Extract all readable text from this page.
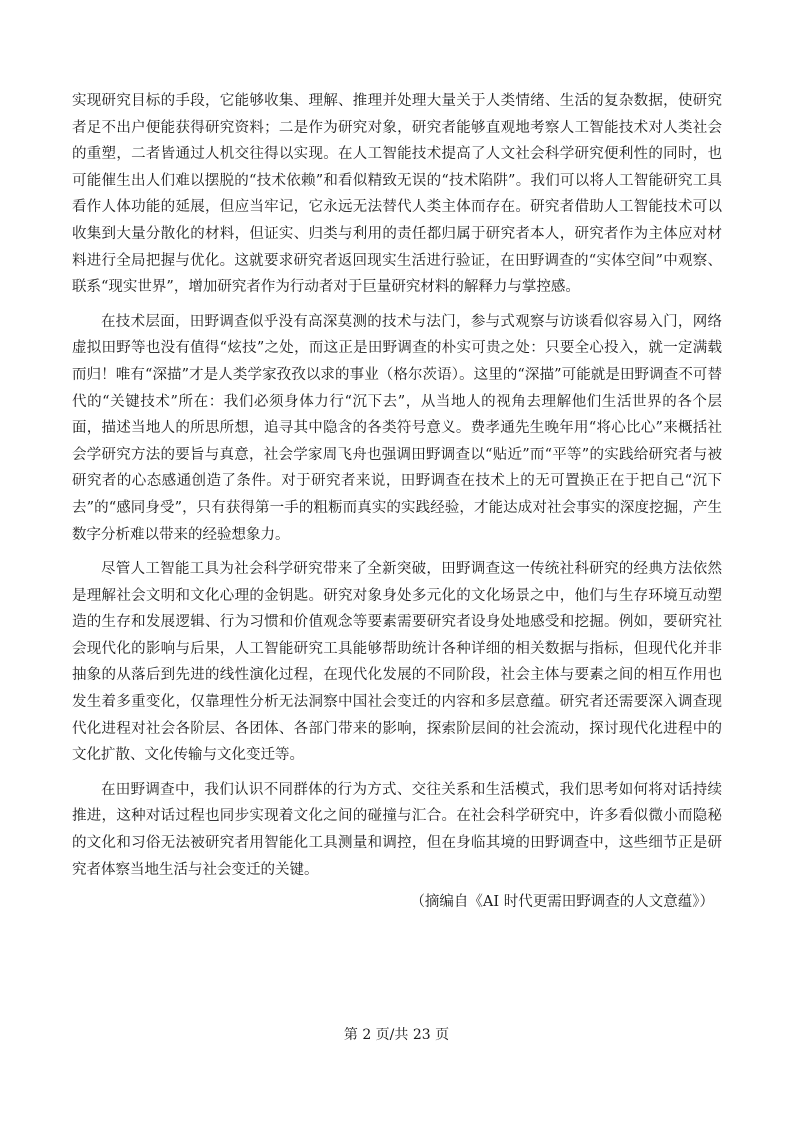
实现研究目标的手段，它能够收集、理解、推理并处理大量关于人类情绪、生活的复杂数据，使研究者足不出户便能获得研究资料；二是作为研究对象，研究者能够直观地考察人工智能技术对人类社会的重塑，二者皆通过人机交往得以实现。在人工智能技术提高了人文社会科学研究便利性的同时，也可能催生出人们难以摆脱的“技术依赖”和看似精致无误的“技术陷阱”。我们可以将人工智能研究工具看作人体功能的延展，但应当牢记，它永远无法替代人类主体而存在。研究者借助人工智能技术可以收集到大量分散化的材料，但证实、归类与利用的责任都归属于研究者本人，研究者作为主体应对材料进行全局把握与优化。这就要求研究者返回现实生活进行验证，在田野调查的“实体空间”中观察、联系“现实世界”，增加研究者作为行动者对于巨量研究材料的解释力与掌控感。

在技术层面，田野调查似乎没有高深莫测的技术与法门，参与式观察与访谈看似容易入门，网络虚拟田野等也没有值得“炫技”之处，而这正是田野调查的朴实可贵之处：只要全心投入，就一定满载而归！唯有“深描”才是人类学家孜孜以求的事业（格尔茨语）。这里的“深描”可能就是田野调查不可替代的“关键技术”所在：我们必须身体力行“沉下去”，从当地人的视角去理解他们生活世界的各个层面，描述当地人的所思所想，追寻其中隐含的各类符号意义。费孝通先生晚年用“将心比心”来概括社会学研究方法的要旨与真意，社会学家周飞舟也强调田野调查以“贴近”而“平等”的实践给研究者与被研究者的心态感通创造了条件。对于研究者来说，田野调查在技术上的无可置换正在于把自己“沉下去”的“感同身受”，只有获得第一手的粗粝而真实的实践经验，才能达成对社会事实的深度挖掘，产生数字分析难以带来的经验想象力。

尽管人工智能工具为社会科学研究带来了全新突破，田野调查这一传统社科研究的经典方法依然是理解社会文明和文化心理的金钥匙。研究对象身处多元化的文化场景之中，他们与生存环境互动塑造的生存和发展逻辑、行为习惯和价值观念等要素需要研究者设身处地感受和挖掘。例如，要研究社会现代化的影响与后果，人工智能研究工具能够帮助统计各种详细的相关数据与指标，但现代化并非抽象的从落后到先进的线性演化过程，在现代化发展的不同阶段，社会主体与要素之间的相互作用也发生着多重变化，仅靠理性分析无法洞察中国社会变迁的内容和多层意蕴。研究者还需要深入调查现代化进程对社会各阶层、各团体、各部门带来的影响，探索阶层间的社会流动，探讨现代化进程中的文化扩散、文化传输与文化变迁等。

在田野调查中，我们认识不同群体的行为方式、交往关系和生活模式，我们思考如何将对话持续推进，这种对话过程也同步实现着文化之间的碰撞与汇合。在社会科学研究中，许多看似微小而隐秘的文化和习俗无法被研究者用智能化工具测量和调控，但在身临其境的田野调查中，这些细节正是研究者体察当地生活与社会变迁的关键。

（摘编自《AI 时代更需田野调查的人文意蕴》）

第 2 页/共 23 页
